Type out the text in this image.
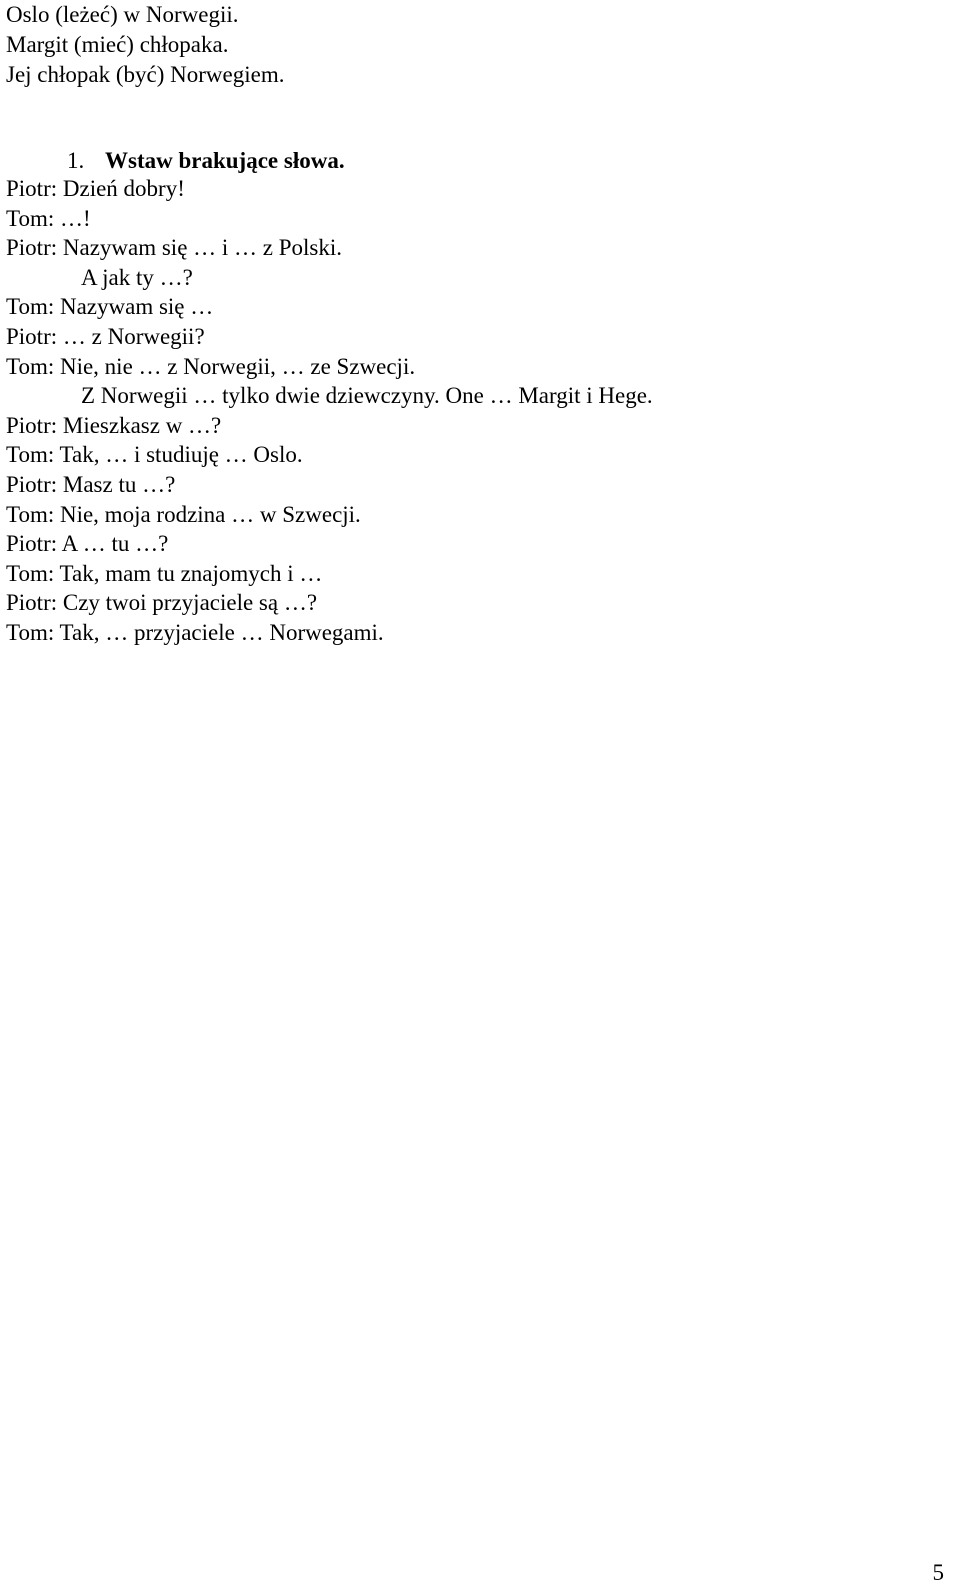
Oslo (leżeć) w Norwegii.
Margit (mieć) chłopaka.
Jej chłopak (być) Norwegiem.

1. Wstaw brakujące słowa.

Piotr: Dzień dobry!
Tom: …!
Piotr: Nazywam się … i … z Polski.
A jak ty …?
Tom: Nazywam się …
Piotr: … z Norwegii?
Tom: Nie, nie … z Norwegii, … ze Szwecji.
Z Norwegii … tylko dwie dziewczyny. One … Margit i Hege.
Piotr: Mieszkasz w …?
Tom: Tak, … i studiuję … Oslo.
Piotr: Masz tu …?
Tom: Nie, moja rodzina … w Szwecji.
Piotr: A … tu …?
Tom: Tak, mam tu znajomych i …
Piotr: Czy twoi przyjaciele są …?
Tom: Tak, … przyjaciele … Norwegami.
5
